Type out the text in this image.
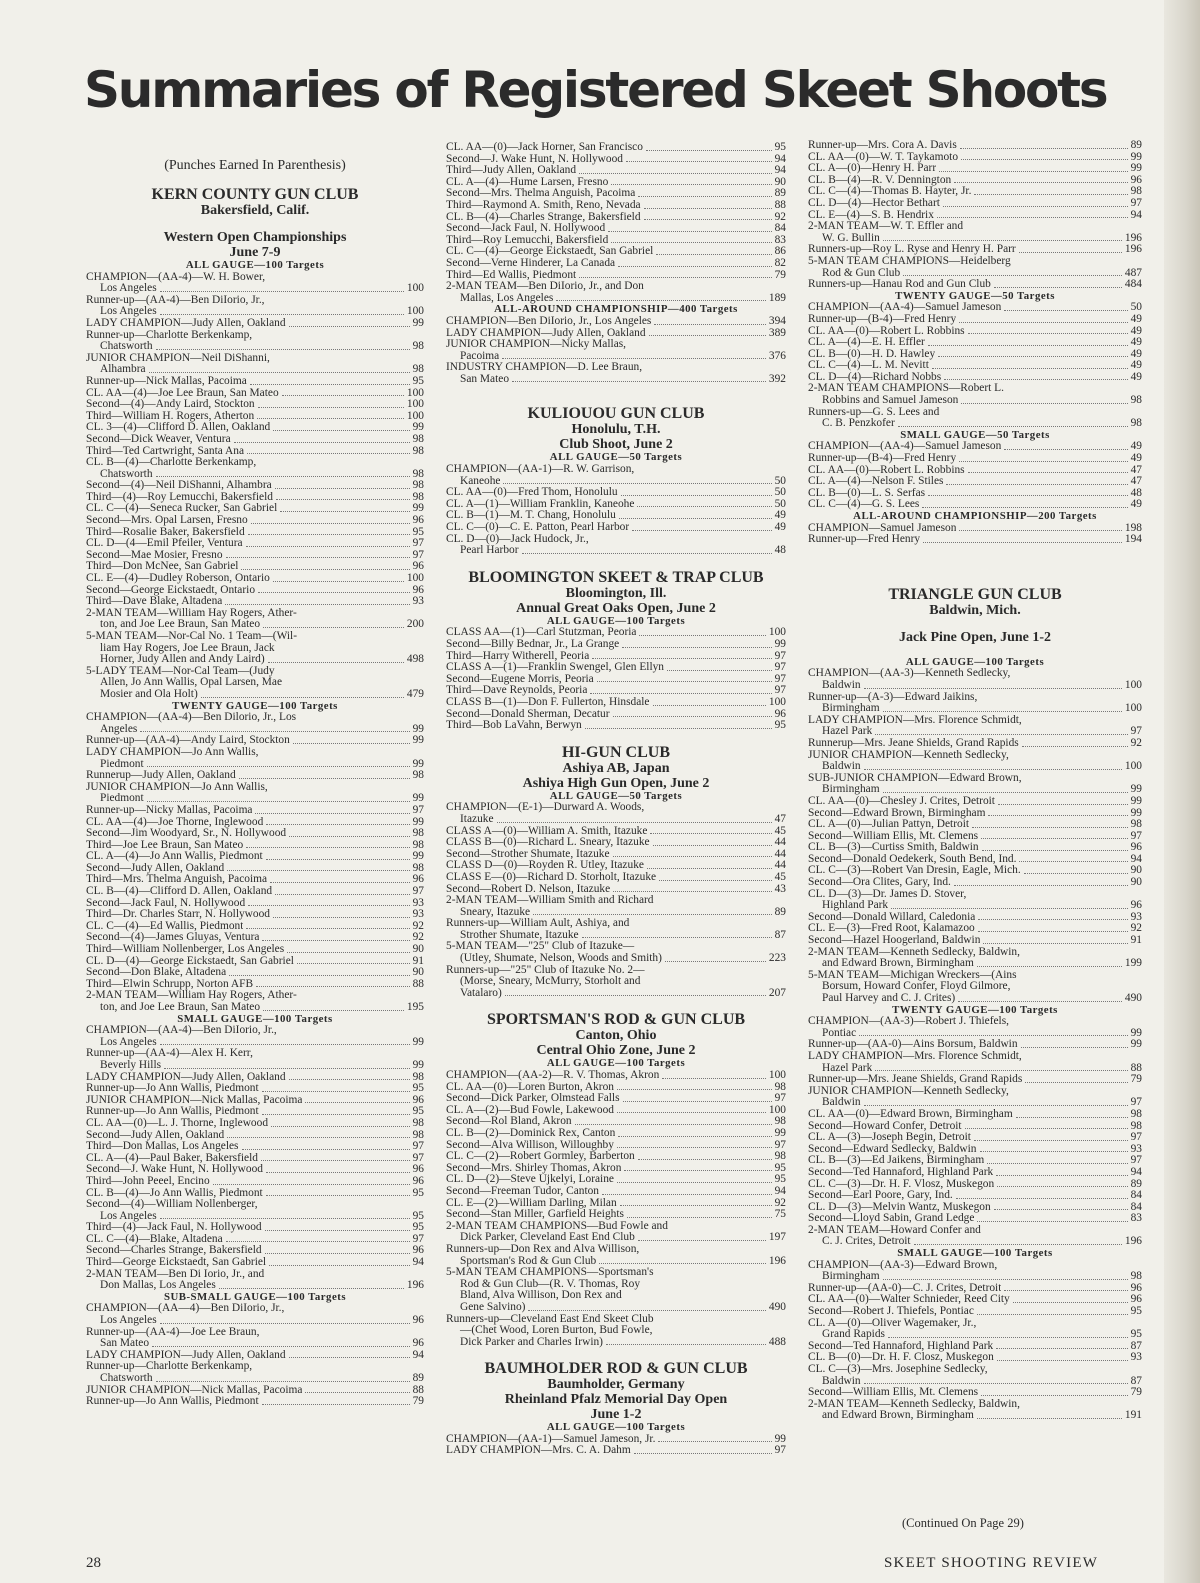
Summaries of Registered Skeet Shoots
(Punches Earned In Parenthesis)
KERN COUNTY GUN CLUB
Bakersfield, Calif.
Western Open Championships
June 7-9
ALL GAUGE—100 Targets
CHAMPION—(AA-4)—W. H. Bower,
Los Angeles	100
Runner-up—(AA-4)—Ben DiIorio, Jr.,
Los Angeles	100
LADY CHAMPION—Judy Allen, Oakland	99
Runner-up—Charlotte Berkenkamp,
Chatsworth	98
JUNIOR CHAMPION—Neil DiShanni,
Alhambra	98
Runner-up—Nick Mallas, Pacoima	95
CL. AA—(4)—Joe Lee Braun, San Mateo	100
Second—(4)—Andy Laird, Stockton	100
Third—William H. Rogers, Atherton	100
CL. 3—(4)—Clifford D. Allen, Oakland	99
Second—Dick Weaver, Ventura	98
Third—Ted Cartwright, Santa Ana	98
CL. B—(4)—Charlotte Berkenkamp,
Chatsworth	98
Second—(4)—Neil DiShanni, Alhambra	98
Third—(4)—Roy Lemucchi, Bakersfield	98
CL. C—(4)—Seneca Rucker, San Gabriel	99
Second—Mrs. Opal Larsen, Fresno	96
Third—Rosalie Baker, Bakersfield	95
CL. D—(4—Emil Pfeiler, Ventura	97
Second—Mae Mosier, Fresno	97
Third—Don McNee, San Gabriel	96
CL. E—(4)—Dudley Roberson, Ontario	100
Second—George Eickstaedt, Ontario	96
Third—Dave Blake, Altadena	93
2-MAN TEAM—William Hay Rogers, Ather-
ton, and Joe Lee Braun, San Mateo	200
5-MAN TEAM—Nor-Cal No. 1 Team—(Wil-
liam Hay Rogers, Joe Lee Braun, Jack
Horner, Judy Allen and Andy Laird)	498
5-LADY TEAM—Nor-Cal Team—(Judy
Allen, Jo Ann Wallis, Opal Larsen, Mae
Mosier and Ola Holt)	479
TWENTY GAUGE—100 Targets
CHAMPION—(AA-4)—Ben Dilorio, Jr., Los
Angeles	99
Runner-up—(AA-4)—Andy Laird, Stockton	99
LADY CHAMPION—Jo Ann Wallis,
Piedmont	99
Runnerup—Judy Allen, Oakland	98
JUNIOR CHAMPION—Jo Ann Wallis,
Piedmont	99
Runner-up—Nicky Mallas, Pacoima	97
CL. AA—(4)—Joe Thorne, Inglewood	99
Second—Jim Woodyard, Sr., N. Hollywood	98
Third—Joe Lee Braun, San Mateo	98
CL. A—(4)—Jo Ann Wallis, Piedmont	99
Second—Judy Allen, Oakland	98
Third—Mrs. Thelma Anguish, Pacoima	96
CL. B—(4)—Clifford D. Allen, Oakland	97
Second—Jack Faul, N. Hollywood	93
Third—Dr. Charles Starr, N. Hollywood	93
CL. C—(4)—Ed Wallis, Piedmont	92
Second—(4)—James Gluyas, Ventura	92
Third—William Nollenberger, Los Angeles	90
CL. D—(4)—George Eickstaedt, San Gabriel	91
Second—Don Blake, Altadena	90
Third—Elwin Schrupp, Norton AFB	88
2-MAN TEAM—William Hay Rogers, Ather-
ton, and Joe Lee Braun, San Mateo	195
SMALL GAUGE—100 Targets
CHAMPION—(AA-4)—Ben DiIorio, Jr.,
Los Angeles	99
Runner-up—(AA-4)—Alex H. Kerr,
Beverly Hills	99
LADY CHAMPION—Judy Allen, Oakland	98
Runner-up—Jo Ann Wallis, Piedmont	95
JUNIOR CHAMPION—Nick Mallas, Pacoima	96
Runner-up—Jo Ann Wallis, Piedmont	95
CL. AA—(0)—L. J. Thorne, Inglewood	98
Second—Judy Allen, Oakland	98
Third—Don Mallas, Los Angeles	97
CL. A—(4)—Paul Baker, Bakersfield	97
Second—J. Wake Hunt, N. Hollywood	96
Third—John Peeel, Encino	96
CL. B—(4)—Jo Ann Wallis, Piedmont	95
Second—(4)—William Nollenberger,
Los Angeles	95
Third—(4)—Jack Faul, N. Hollywood	95
CL. C—(4)—Blake, Altadena	97
Second—Charles Strange, Bakersfield	96
Third—George Eickstaedt, San Gabriel	94
2-MAN TEAM—Ben Di Iorio, Jr., and
Don Mallas, Los Angeles	196
SUB-SMALL GAUGE—100 Targets
CHAMPION—(AA—4)—Ben DiIorio, Jr.,
Los Angeles	96
Runner-up—(AA-4)—Joe Lee Braun,
San Mateo	96
LADY CHAMPION—Judy Allen, Oakland	94
Runner-up—Charlotte Berkenkamp,
Chatsworth	89
JUNIOR CHAMPION—Nick Mallas, Pacoima	88
Runner-up—Jo Ann Wallis, Piedmont	79
CL. AA—(0)—Jack Horner, San Francisco	95
Second—J. Wake Hunt, N. Hollywood	94
Third—Judy Allen, Oakland	94
CL. A—(4)—Hume Larsen, Fresno	90
Second—Mrs. Thelma Anguish, Pacoima	89
Third—Raymond A. Smith, Reno, Nevada	88
CL. B—(4)—Charles Strange, Bakersfield	92
Second—Jack Faul, N. Hollywood	84
Third—Roy Lemucchi, Bakersfield	83
CL. C—(4)—George Eickstaedt, San Gabriel	86
Second—Verne Hinderer, La Canada	82
Third—Ed Wallis, Piedmont	79
2-MAN TEAM—Ben DiIorio, Jr., and Don
Mallas, Los Angeles	189
ALL-AROUND CHAMPIONSHIP—400 Targets
CHAMPION—Ben DiIorio, Jr., Los Angeles	394
LADY CHAMPION—Judy Allen, Oakland	389
JUNIOR CHAMPION—Nicky Mallas,
Pacoima	376
INDUSTRY CHAMPION—D. Lee Braun,
San Mateo	392
KULIOUOU GUN CLUB
Honolulu, T.H.
Club Shoot, June 2
ALL GAUGE—50 Targets
CHAMPION—(AA-1)—R. W. Garrison,
Kaneohe	50
CL. AA—(0)—Fred Thom, Honolulu	50
CL. A—(1)—William Franklin, Kaneohe	50
CL. B—(1)—M. T. Chang, Honolulu	49
CL. C—(0)—C. E. Patton, Pearl Harbor	49
CL. D—(0)—Jack Hudock, Jr.,
Pearl Harbor	48
BLOOMINGTON SKEET & TRAP CLUB
Bloomington, Ill.
Annual Great Oaks Open, June 2
ALL GAUGE—100 Targets
CLASS AA—(1)—Carl Stutzman, Peoria	100
Second—Billy Bednar, Jr., La Grange	99
Third—Harry Witherell, Peoria	97
CLASS A—(1)—Franklin Swengel, Glen Ellyn	97
Second—Eugene Morris, Peoria	97
Third—Dave Reynolds, Peoria	97
CLASS B—(1)—Don F. Fullerton, Hinsdale	100
Second—Donald Sherman, Decatur	96
Third—Bob LaVahn, Berwyn	95
HI-GUN CLUB
Ashiya AB, Japan
Ashiya High Gun Open, June 2
ALL GAUGE—50 Targets
CHAMPION—(E-1)—Durward A. Woods,
Itazuke	47
CLASS A—(0)—William A. Smith, Itazuke	45
CLASS B—(0)—Richard L. Sneary, Itazuke	44
Second—Strother Shumate, Itazuke	44
CLASS D—(0)—Royden R. Utley, Itazuke	44
CLASS E—(0)—Richard D. Storholt, Itazuke	45
Second—Robert D. Nelson, Itazuke	43
2-MAN TEAM—William Smith and Richard
Sneary, Itazuke	89
Runners-up—William Ault, Ashiya, and
Strother Shumate, Itazuke	87
5-MAN TEAM—"25" Club of Itazuke—
(Utley, Shumate, Nelson, Woods and Smith)	223
Runners-up—"25" Club of Itazuke No. 2—
(Morse, Sneary, McMurry, Storholt and
Vatalaro)	207
SPORTSMAN'S ROD & GUN CLUB
Canton, Ohio
Central Ohio Zone, June 2
ALL GAUGE—100 Targets
CHAMPION—(AA-2)—R. V. Thomas, Akron	100
CL. AA—(0)—Loren Burton, Akron	98
Second—Dick Parker, Olmstead Falls	97
CL. A—(2)—Bud Fowle, Lakewood	100
Second—Rol Bland, Akron	98
CL. B—(2)—Dominick Rex, Canton	99
Second—Alva Willison, Willoughby	97
CL. C—(2)—Robert Gormley, Barberton	98
Second—Mrs. Shirley Thomas, Akron	95
CL. D—(2)—Steve Ujkelyi, Loraine	95
Second—Freeman Tudor, Canton	94
CL. E—(2)—William Darling, Milan	92
Second—Stan Miller, Garfield Heights	75
2-MAN TEAM CHAMPIONS—Bud Fowle and
Dick Parker, Cleveland East End Club	197
Runners-up—Don Rex and Alva Willison,
Sportsman's Rod & Gun Club	196
5-MAN TEAM CHAMPIONS—Sportsman's
Rod & Gun Club—(R. V. Thomas, Roy
Bland, Alva Willison, Don Rex and
Gene Salvino)	490
Runners-up—Cleveland East End Skeet Club
—(Chet Wood, Loren Burton, Bud Fowle,
Dick Parker and Charles Irwin)	488
BAUMHOLDER ROD & GUN CLUB
Baumholder, Germany
Rheinland Pfalz Memorial Day Open
June 1-2
ALL GAUGE—100 Targets
CHAMPION—(AA-1)—Samuel Jameson, Jr.	99
LADY CHAMPION—Mrs. C. A. Dahm	97
Runner-up—Mrs. Cora A. Davis	89
CL. AA—(0)—W. T. Taykamoto	99
CL. A—(0)—Henry H. Parr	99
CL. B—(4)—R. V. Dennington	96
CL. C—(4)—Thomas B. Hayter, Jr.	98
CL. D—(4)—Hector Bethart	97
CL. E—(4)—S. B. Hendrix	94
2-MAN TEAM—W. T. Effler and
W. G. Bullin	196
Runners-up—Roy L. Ryse and Henry H. Parr	196
5-MAN TEAM CHAMPIONS—Heidelberg
Rod & Gun Club	487
Runners-up—Hanau Rod and Gun Club	484
TWENTY GAUGE—50 Targets
CHAMPION—(AA-4)—Samuel Jameson	50
Runner-up—(B-4)—Fred Henry	49
CL. AA—(0)—Robert L. Robbins	49
CL. A—(4)—E. H. Effler	49
CL. B—(0)—H. D. Hawley	49
CL. C—(4)—L. M. Nevitt	49
CL. D—(4)—Richard Nobbs	49
2-MAN TEAM CHAMPIONS—Robert L.
Robbins and Samuel Jameson	98
Runners-up—G. S. Lees and
C. B. Penzkofer	98
SMALL GAUGE—50 Targets
CHAMPION—(AA-4)—Samuel Jameson	49
Runner-up—(B-4)—Fred Henry	49
CL. AA—(0)—Robert L. Robbins	47
CL. A—(4)—Nelson F. Stiles	47
CL. B—(0)—L. S. Serfas	48
CL. C—(4)—G. S. Lees	49
ALL-AROUND CHAMPIONSHIP—200 Targets
CHAMPION—Samuel Jameson	198
Runner-up—Fred Henry	194
TRIANGLE GUN CLUB
Baldwin, Mich.
Jack Pine Open, June 1-2
ALL GAUGE—100 Targets
CHAMPION—(AA-3)—Kenneth Sedlecky,
Baldwin	100
Runner-up—(A-3)—Edward Jaikins,
Birmingham	100
LADY CHAMPION—Mrs. Florence Schmidt,
Hazel Park	97
Runnerup—Mrs. Jeane Shields, Grand Rapids	92
JUNIOR CHAMPION—Kenneth Sedlecky,
Baldwin	100
SUB-JUNIOR CHAMPION—Edward Brown,
Birmingham	99
CL. AA—(0)—Chesley J. Crites, Detroit	99
Second—Edward Brown, Birmingham	99
CL. A—(0)—Julian Pattyn, Detroit	98
Second—William Ellis, Mt. Clemens	97
CL. B—(3)—Curtiss Smith, Baldwin	96
Second—Donald Oedekerk, South Bend, Ind.	94
CL. C—(3)—Robert Van Dresin, Eagle, Mich.	90
Second—Ora Clites, Gary, Ind.	90
CL. D—(3)—Dr. James D. Stover,
Highland Park	96
Second—Donald Willard, Caledonia	93
CL. E—(3)—Fred Root, Kalamazoo	92
Second—Hazel Hoogerland, Baldwin	91
2-MAN TEAM—Kenneth Sedlecky, Baldwin,
and Edward Brown, Birmingham	199
5-MAN TEAM—Michigan Wreckers—(Ains
Borsum, Howard Confer, Floyd Gilmore,
Paul Harvey and C. J. Crites)	490
TWENTY GAUGE—100 Targets
CHAMPION—(AA-3)—Robert J. Thiefels,
Pontiac	99
Runner-up—(AA-0)—Ains Borsum, Baldwin	99
LADY CHAMPION—Mrs. Florence Schmidt,
Hazel Park	88
Runner-up—Mrs. Jeane Shields, Grand Rapids	79
JUNIOR CHAMPION—Kenneth Sedlecky,
Baldwin	97
CL. AA—(0)—Edward Brown, Birmingham	98
Second—Howard Confer, Detroit	98
CL. A—(3)—Joseph Begin, Detroit	97
Second—Edward Sedlecky, Baldwin	93
CL. B—(3)—Ed Jaikens, Birmingham	97
Second—Ted Hannaford, Highland Park	94
CL. C—(3)—Dr. H. F. Vlosz, Muskegon	89
Second—Earl Poore, Gary, Ind.	84
CL. D—(3)—Melvin Wantz, Muskegon	84
Second—Lloyd Sabin, Grand Ledge	83
2-MAN TEAM—Howard Confer and
C. J. Crites, Detroit	196
SMALL GAUGE—100 Targets
CHAMPION—(AA-3)—Edward Brown,
Birmingham	98
Runner-up—(AA-0)—C. J. Crites, Detroit	96
CL. AA—(0)—Walter Schnieder, Reed City	96
Second—Robert J. Thiefels, Pontiac	95
CL. A—(0)—Oliver Wagemaker, Jr.,
Grand Rapids	95
Second—Ted Hannaford, Highland Park	87
CL. B—(0)—Dr. H. F. Closz, Muskegon	93
CL. C—(3)—Mrs. Josephine Sedlecky,
Baldwin	87
Second—William Ellis, Mt. Clemens	79
2-MAN TEAM—Kenneth Sedlecky, Baldwin,
and Edward Brown, Birmingham	191
(Continued On Page 29)
28	SKEET SHOOTING REVIEW
